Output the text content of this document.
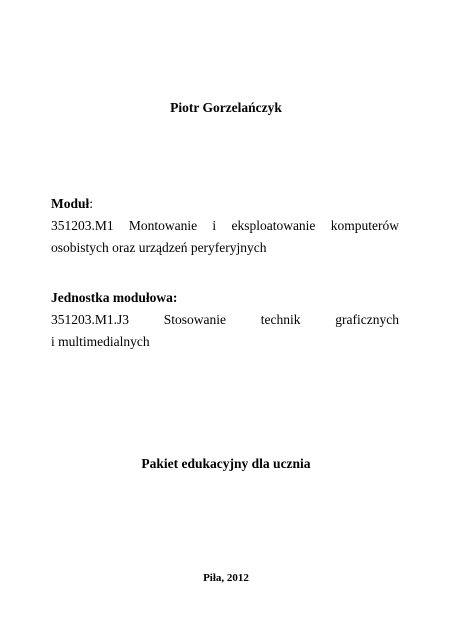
Piotr Gorzelańczyk
Moduł:
351203.M1 Montowanie i eksploatowanie komputerów
osobistych oraz urządzeń peryferyjnych
Jednostka modułowa:
351203.M1.J3	Stosowanie	technik	graficznych
i multimedialnych
Pakiet edukacyjny dla ucznia
Piła, 2012
